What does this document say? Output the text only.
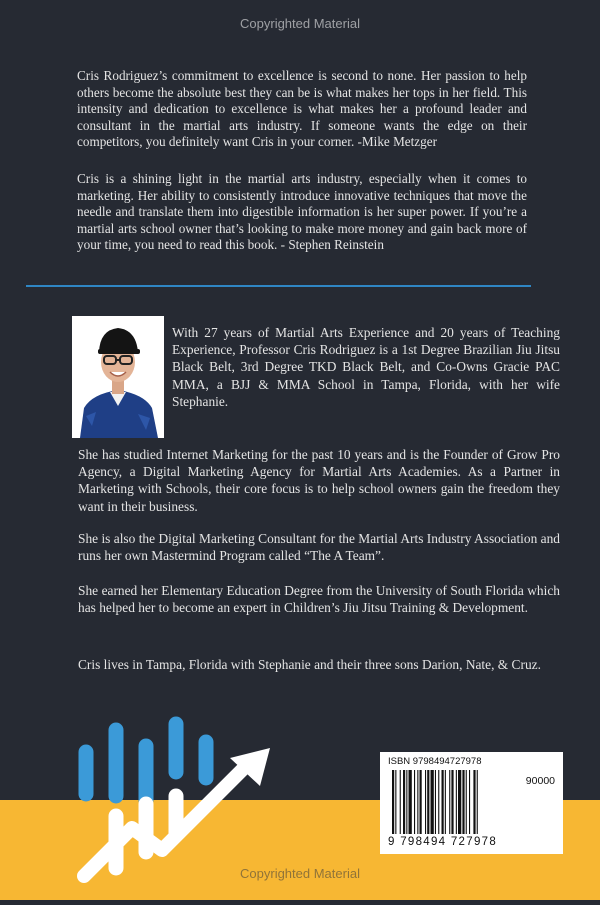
Copyrighted Material

Cris Rodriguez’s commitment to excellence is second to none. Her passion to help others become the absolute best they can be is what makes her tops in her field. This intensity and dedication to excellence is what makes her a profound leader and consultant in the martial arts industry. If someone wants the edge on their competitors, you definitely want Cris in your corner. -Mike Metzger

Cris is a shining light in the martial arts industry, especially when it comes to marketing. Her ability to consistently introduce innovative techniques that move the needle and translate them into digestible information is her super power. If you’re a martial arts school owner that’s looking to make more money and gain back more of your time, you need to read this book. - Stephen Reinstein

With 27 years of Martial Arts Experience and 20 years of Teaching Experience, Professor Cris Rodriguez is a 1st Degree Brazilian Jiu Jitsu Black Belt, 3rd Degree TKD Black Belt, and Co-Owns Gracie PAC MMA, a BJJ & MMA School in Tampa, Florida, with her wife Stephanie.

She has studied Internet Marketing for the past 10 years and is the Founder of Grow Pro Agency, a Digital Marketing Agency for Martial Arts Academies. As a Partner in Marketing with Schools, their core focus is to help school owners gain the freedom they want in their business.

She is also the Digital Marketing Consultant for the Martial Arts Industry Association and runs her own Mastermind Program called “The A Team”.

She earned her Elementary Education Degree from the University of South Florida which has helped her to become an expert in Children’s Jiu Jitsu Training & Development.

Cris lives in Tampa, Florida with Stephanie and their three sons Darion, Nate, & Cruz.

ISBN 9798494727978
90000
9 798494 727978
Copyrighted Material
